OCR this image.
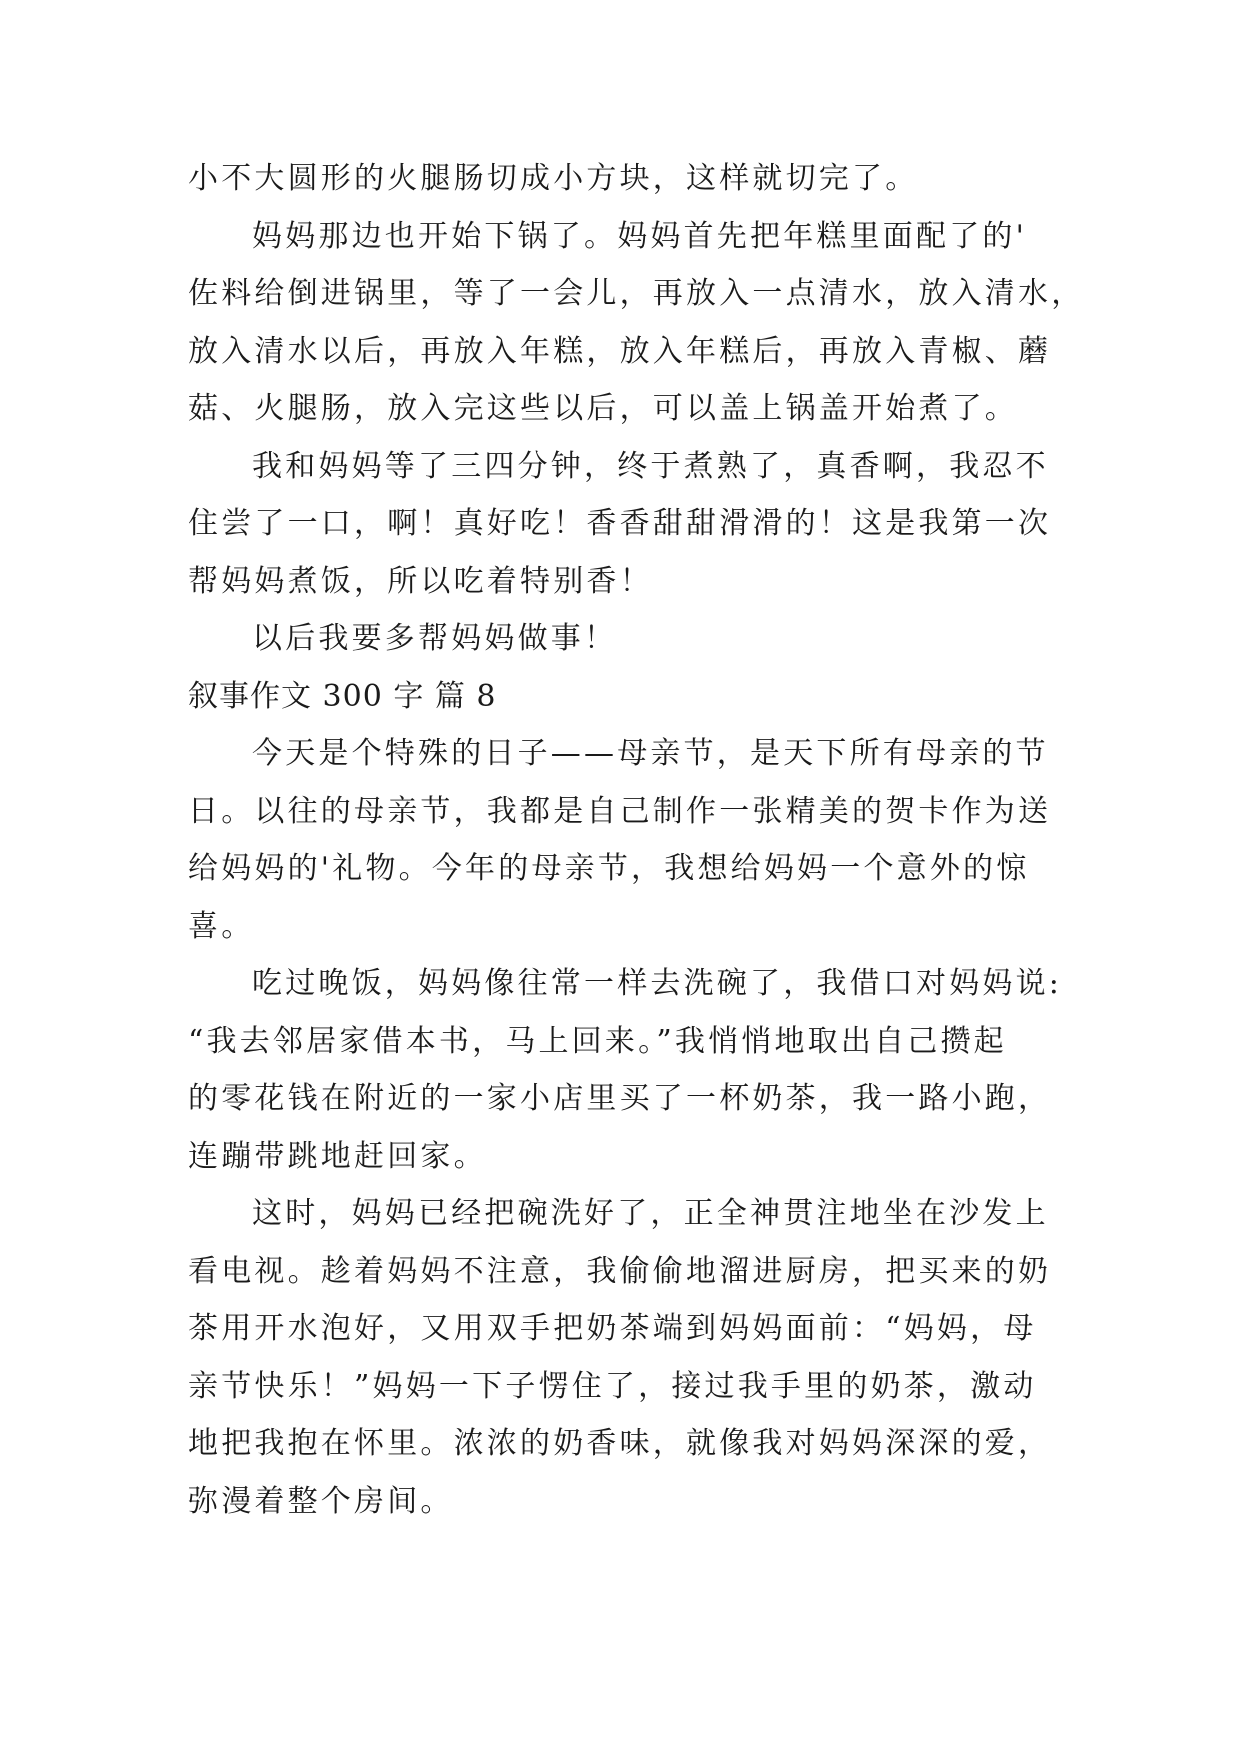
小不大圆形的火腿肠切成小方块，这样就切完了。
妈妈那边也开始下锅了。妈妈首先把年糕里面配了的'
佐料给倒进锅里，等了一会儿，再放入一点清水，放入清水，
放入清水以后，再放入年糕，放入年糕后，再放入青椒、蘑
菇、火腿肠，放入完这些以后，可以盖上锅盖开始煮了。
我和妈妈等了三四分钟，终于煮熟了，真香啊，我忍不
住尝了一口，啊！真好吃！香香甜甜滑滑的！这是我第一次
帮妈妈煮饭，所以吃着特别香！
以后我要多帮妈妈做事！
叙事作文 300 字 篇 8
今天是个特殊的日子——母亲节，是天下所有母亲的节
日。以往的母亲节，我都是自己制作一张精美的贺卡作为送
给妈妈的'礼物。今年的母亲节，我想给妈妈一个意外的惊
喜。
吃过晚饭，妈妈像往常一样去洗碗了，我借口对妈妈说:
“我去邻居家借本书，马上回来。”我悄悄地取出自己攒起
的零花钱在附近的一家小店里买了一杯奶茶，我一路小跑，
连蹦带跳地赶回家。
这时，妈妈已经把碗洗好了，正全神贯注地坐在沙发上
看电视。趁着妈妈不注意，我偷偷地溜进厨房，把买来的奶
茶用开水泡好，又用双手把奶茶端到妈妈面前：“妈妈，母
亲节快乐！”妈妈一下子愣住了，接过我手里的奶茶，激动
地把我抱在怀里。浓浓的奶香味，就像我对妈妈深深的爱，
弥漫着整个房间。
